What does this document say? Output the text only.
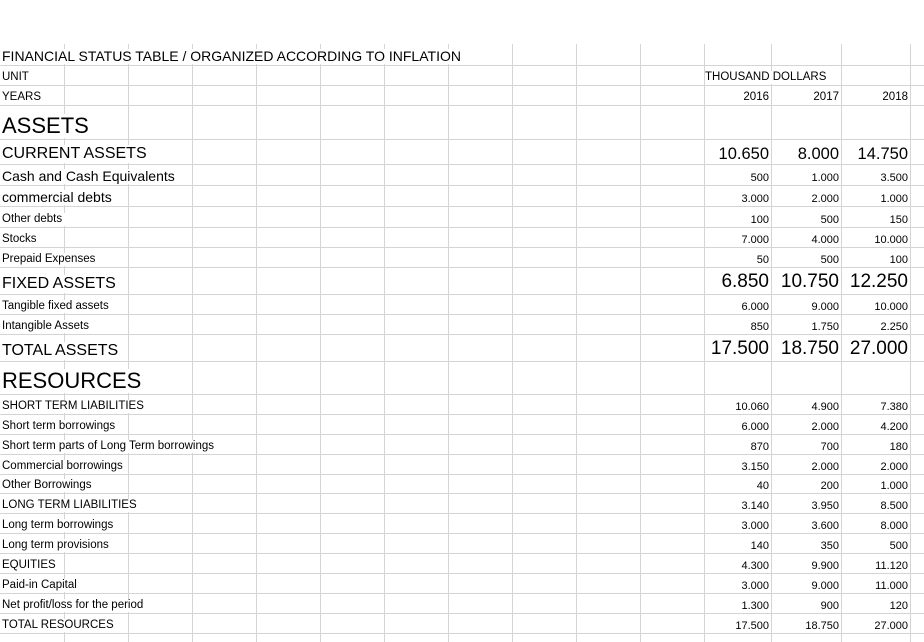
FINANCIAL STATUS TABLE / ORGANIZED ACCORDING TO INFLATION
UNIT	THOUSAND DOLLARS
YEARS	2016	2017	2018
ASSETS
CURRENT ASSETS	10.650 8.000 14.750
Cash and Cash Equivalents	500	1.000	3.500
commercial debts	3.000	2.000	1.000
Other debts	100	500	150
Stocks	7.000	4.000	10.000
Prepaid Expenses	50	500	100
FIXED ASSETS	6.850 10.750 12.250
Tangible fixed assets	6.000	9.000	10.000
Intangible Assets	850	1.750	2.250
TOTAL ASSETS	17.500 18.750 27.000
RESOURCES
SHORT TERM LIABILITIES	10.060	4.900	7.380
Short term borrowings	6.000	2.000	4.200
Short term parts of Long Term borrowings	870	700	180
Commercial borrowings	3.150	2.000	2.000
Other Borrowings	40	200	1.000
LONG TERM LIABILITIES	3.140	3.950	8.500
Long term borrowings	3.000	3.600	8.000
Long term provisions	140	350	500
EQUITIES	4.300	9.900	11.120
Paid-in Capital	3.000	9.000	11.000
Net profit/loss for the period	1.300	900	120
TOTAL RESOURCES	17.500	18.750	27.000
